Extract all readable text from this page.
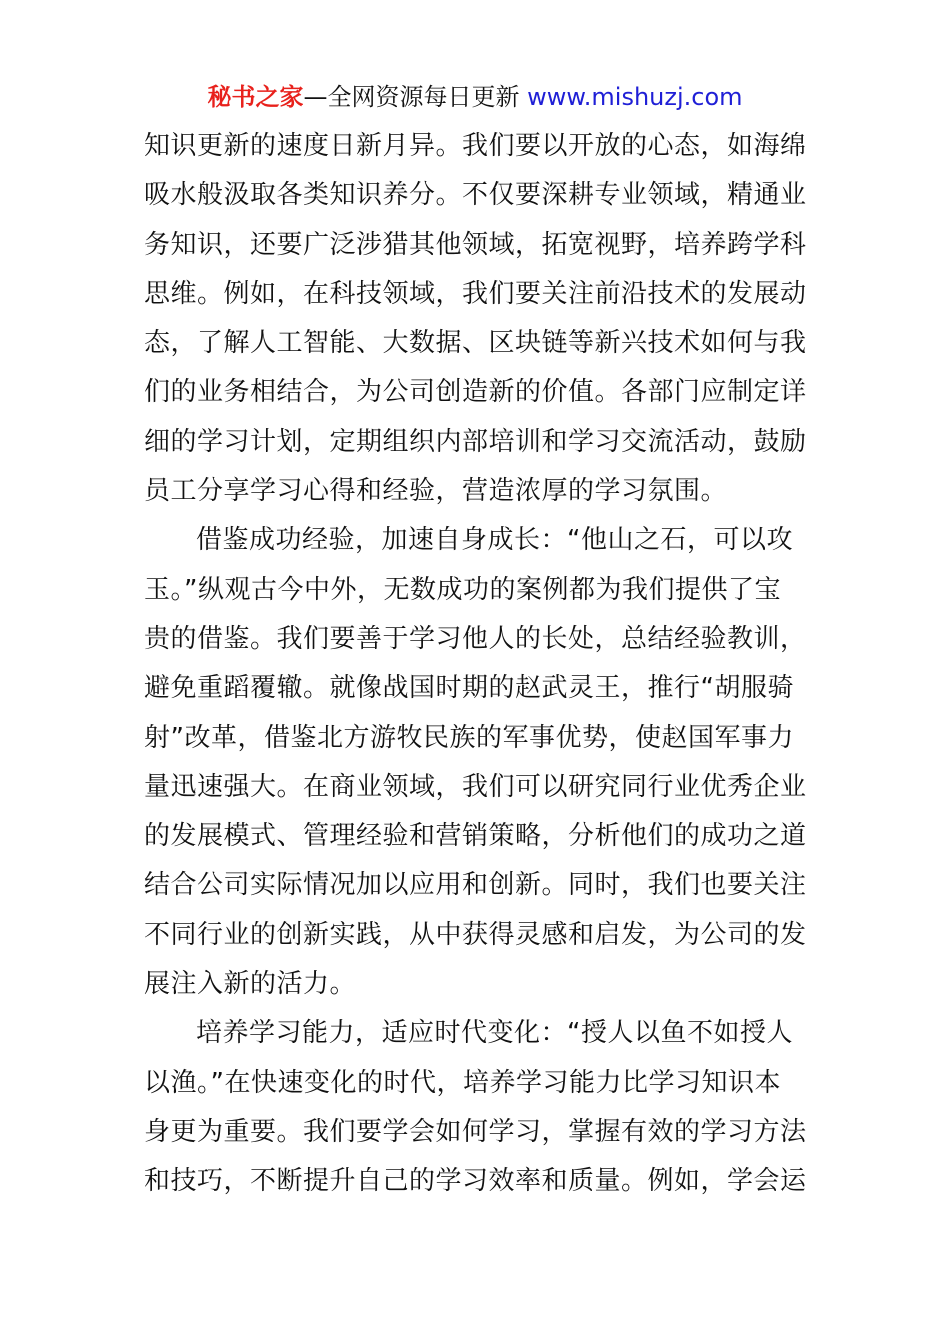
秘书之家—全网资源每日更新 www.mishuzj.com
知识更新的速度日新月异。我们要以开放的心态，如海绵
吸水般汲取各类知识养分。不仅要深耕专业领域，精通业
务知识，还要广泛涉猎其他领域，拓宽视野，培养跨学科
思维。例如，在科技领域，我们要关注前沿技术的发展动
态，了解人工智能、大数据、区块链等新兴技术如何与我
们的业务相结合，为公司创造新的价值。各部门应制定详
细的学习计划，定期组织内部培训和学习交流活动，鼓励
员工分享学习心得和经验，营造浓厚的学习氛围。
借鉴成功经验，加速自身成长：“他山之石，可以攻
玉。”纵观古今中外，无数成功的案例都为我们提供了宝
贵的借鉴。我们要善于学习他人的长处，总结经验教训，
避免重蹈覆辙。就像战国时期的赵武灵王，推行“胡服骑
射”改革，借鉴北方游牧民族的军事优势，使赵国军事力
量迅速强大。在商业领域，我们可以研究同行业优秀企业
的发展模式、管理经验和营销策略，分析他们的成功之道
结合公司实际情况加以应用和创新。同时，我们也要关注
不同行业的创新实践，从中获得灵感和启发，为公司的发
展注入新的活力。
培养学习能力，适应时代变化：“授人以鱼不如授人
以渔。”在快速变化的时代，培养学习能力比学习知识本
身更为重要。我们要学会如何学习，掌握有效的学习方法
和技巧，不断提升自己的学习效率和质量。例如，学会运
